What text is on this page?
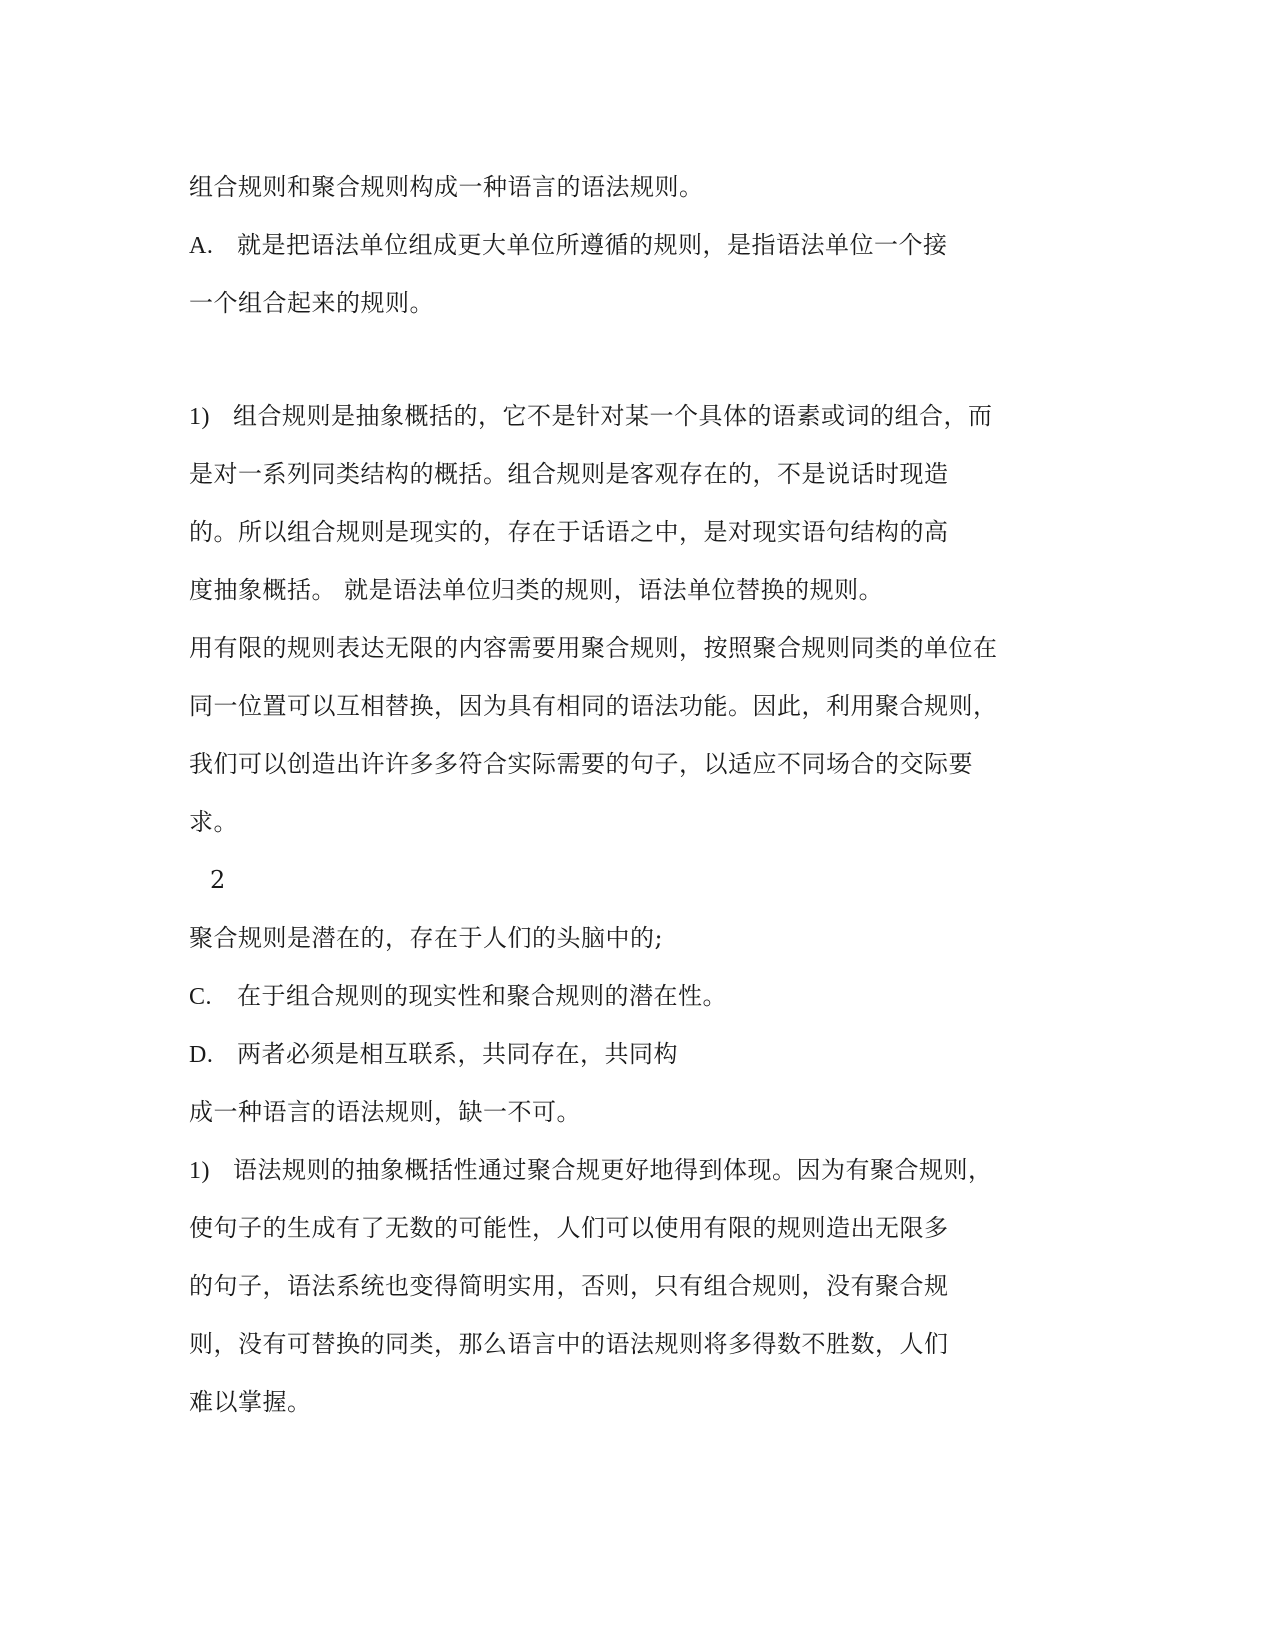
组合规则和聚合规则构成一种语言的语法规则。
A. 就是把语法单位组成更大单位所遵循的规则，是指语法单位一个接
一个组合起来的规则。
1) 组合规则是抽象概括的，它不是针对某一个具体的语素或词的组合，而
是对一系列同类结构的概括。组合规则是客观存在的，不是说话时现造
的。所以组合规则是现实的，存在于话语之中，是对现实语句结构的高
度抽象概括。 就是语法单位归类的规则，语法单位替换的规则。
用有限的规则表达无限的内容需要用聚合规则，按照聚合规则同类的单位在
同一位置可以互相替换，因为具有相同的语法功能。因此，利用聚合规则，
我们可以创造出许许多多符合实际需要的句子，以适应不同场合的交际要
求。
2
聚合规则是潜在的，存在于人们的头脑中的;
C. 在于组合规则的现实性和聚合规则的潜在性。
D. 两者必须是相互联系，共同存在，共同构
成一种语言的语法规则，缺一不可。
1) 语法规则的抽象概括性通过聚合规更好地得到体现。因为有聚合规则，
使句子的生成有了无数的可能性，人们可以使用有限的规则造出无限多
的句子，语法系统也变得简明实用，否则，只有组合规则，没有聚合规
则，没有可替换的同类，那么语言中的语法规则将多得数不胜数，人们
难以掌握。
